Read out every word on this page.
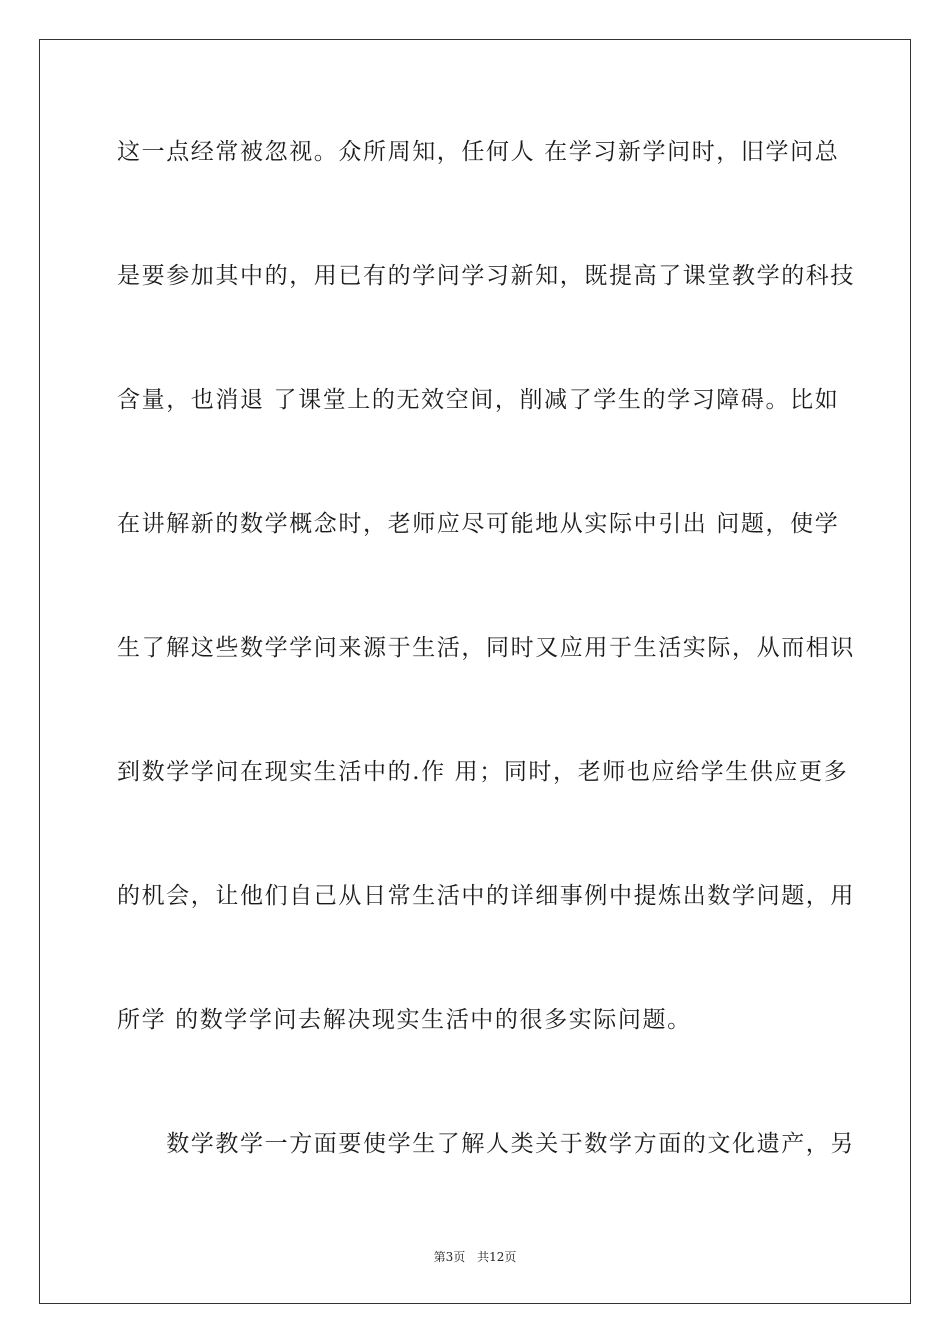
这一点经常被忽视。众所周知，任何人 在学习新学问时，旧学问总
是要参加其中的，用已有的学问学习新知，既提高了课堂教学的科技
含量，也消退 了课堂上的无效空间，削减了学生的学习障碍。比如
在讲解新的数学概念时，老师应尽可能地从实际中引出 问题，使学
生了解这些数学学问来源于生活，同时又应用于生活实际，从而相识
到数学学问在现实生活中的.作 用；同时，老师也应给学生供应更多
的机会，让他们自己从日常生活中的详细事例中提炼出数学问题，用
所学 的数学学问去解决现实生活中的很多实际问题。
　　数学教学一方面要使学生了解人类关于数学方面的文化遗产，另
第3页 共12页
